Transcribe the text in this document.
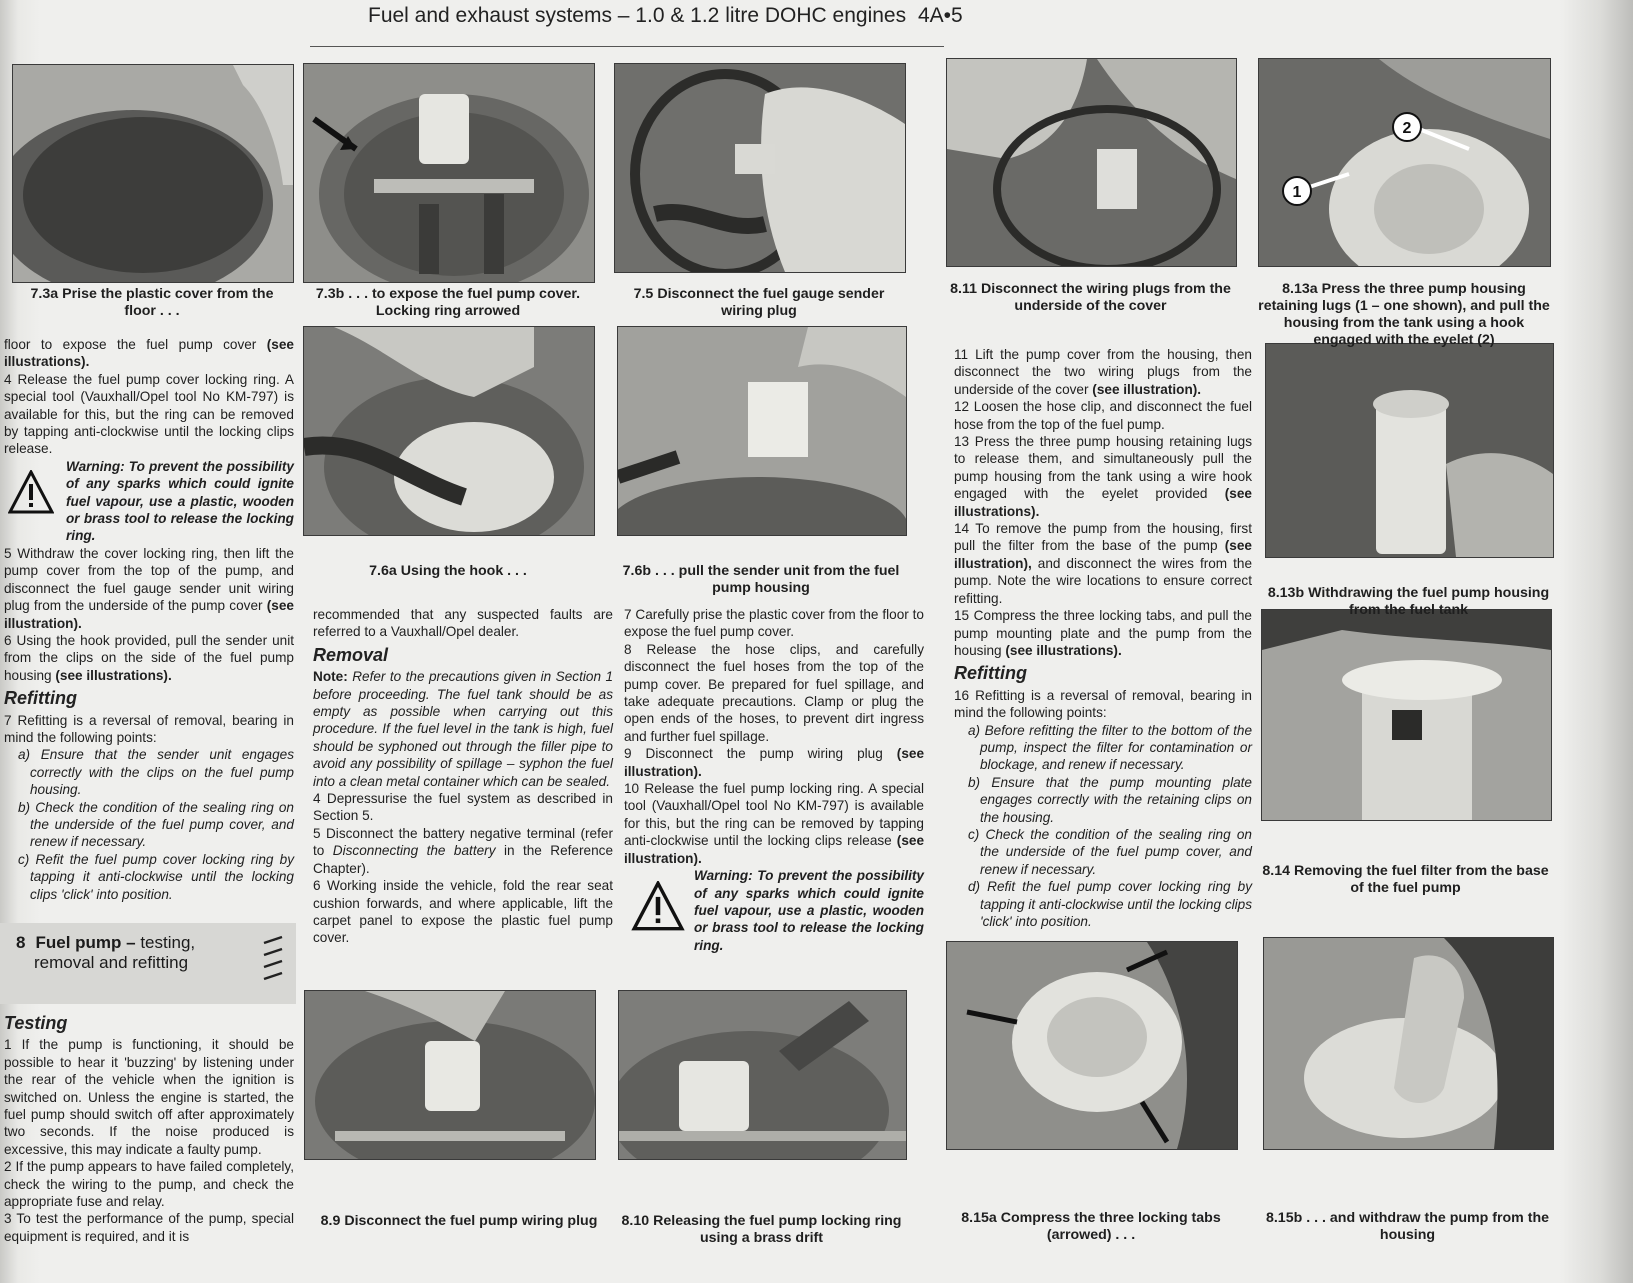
Fuel and exhaust systems – 1.0 & 1.2 litre DOHC engines 4A•5
1
2
7.3a Prise the plastic cover from the floor . . .
7.3b . . . to expose the fuel pump cover. Locking ring arrowed
7.5 Disconnect the fuel gauge sender wiring plug
7.6a Using the hook . . .	7.6b . . . pull the sender unit from the fuel pump housing
8.9 Disconnect the fuel pump wiring plug	8.10 Releasing the fuel pump locking ring using a brass drift
8.11 Disconnect the wiring plugs from the underside of the cover
8.13a Press the three pump housing retaining lugs (1 – one shown), and pull the housing from the tank using a hook engaged with the eyelet (2)
8.13b Withdrawing the fuel pump housing from the fuel tank
8.14 Removing the fuel filter from the base of the fuel pump
8.15a Compress the three locking tabs (arrowed) . . .
8.15b . . . and withdraw the pump from the housing

floor to expose the fuel pump cover (see illustrations).

4 Release the fuel pump cover locking ring. A special tool (Vauxhall/Opel tool No KM-797) is available for this, but the ring can be removed by tapping anti-clockwise until the locking clips release.

Warning: To prevent the possibility of any sparks which could ignite fuel vapour, use a plastic, wooden or brass tool to release the locking ring.

5 Withdraw the cover locking ring, then lift the pump cover from the top of the pump, and disconnect the fuel gauge sender unit wiring plug from the underside of the pump cover (see illustration).

6 Using the hook provided, pull the sender unit from the clips on the side of the fuel pump housing (see illustrations).

Refitting

7 Refitting is a reversal of removal, bearing in mind the following points:

a) Ensure that the sender unit engages correctly with the clips on the fuel pump housing.

b) Check the condition of the sealing ring on the underside of the fuel pump cover, and renew if necessary.

c) Refit the fuel pump cover locking ring by tapping it anti-clockwise until the locking clips 'click' into position.

8 Fuel pump – testing,
removal and refitting
Testing

1 If the pump is functioning, it should be possible to hear it 'buzzing' by listening under the rear of the vehicle when the ignition is switched on. Unless the engine is started, the fuel pump should switch off after approximately two seconds. If the noise produced is excessive, this may indicate a faulty pump.

2 If the pump appears to have failed completely, check the wiring to the pump, and check the appropriate fuse and relay.

3 To test the performance of the pump, special equipment is required, and it is

recommended that any suspected faults are referred to a Vauxhall/Opel dealer.

Removal

Note: Refer to the precautions given in Section 1 before proceeding. The fuel tank should be as empty as possible when carrying out this procedure. If the fuel level in the tank is high, fuel should be syphoned out through the filler pipe to avoid any possibility of spillage – syphon the fuel into a clean metal container which can be sealed.

4 Depressurise the fuel system as described in Section 5.

5 Disconnect the battery negative terminal (refer to Disconnecting the battery in the Reference Chapter).

6 Working inside the vehicle, fold the rear seat cushion forwards, and where applicable, lift the carpet panel to expose the plastic fuel pump cover.

7 Carefully prise the plastic cover from the floor to expose the fuel pump cover.

8 Release the hose clips, and carefully disconnect the fuel hoses from the top of the pump cover. Be prepared for fuel spillage, and take adequate precautions. Clamp or plug the open ends of the hoses, to prevent dirt ingress and further fuel spillage.

9 Disconnect the pump wiring plug (see illustration).

10 Release the fuel pump locking ring. A special tool (Vauxhall/Opel tool No KM-797) is available for this, but the ring can be removed by tapping anti-clockwise until the locking clips release (see illustration).

Warning: To prevent the possibility of any sparks which could ignite fuel vapour, use a plastic, wooden or brass tool to release the locking ring.

11 Lift the pump cover from the housing, then disconnect the two wiring plugs from the underside of the cover (see illustration).

12 Loosen the hose clip, and disconnect the fuel hose from the top of the fuel pump.

13 Press the three pump housing retaining lugs to release them, and simultaneously pull the pump housing from the tank using a wire hook engaged with the eyelet provided (see illustrations).

14 To remove the pump from the housing, first pull the filter from the base of the pump (see illustration), and disconnect the wires from the pump. Note the wire locations to ensure correct refitting.

15 Compress the three locking tabs, and pull the pump mounting plate and the pump from the housing (see illustrations).

Refitting

16 Refitting is a reversal of removal, bearing in mind the following points:

a) Before refitting the filter to the bottom of the pump, inspect the filter for contamination or blockage, and renew if necessary.

b) Ensure that the pump mounting plate engages correctly with the retaining clips on the housing.

c) Check the condition of the sealing ring on the underside of the fuel pump cover, and renew if necessary.

d) Refit the fuel pump cover locking ring by tapping it anti-clockwise until the locking clips 'click' into position.
